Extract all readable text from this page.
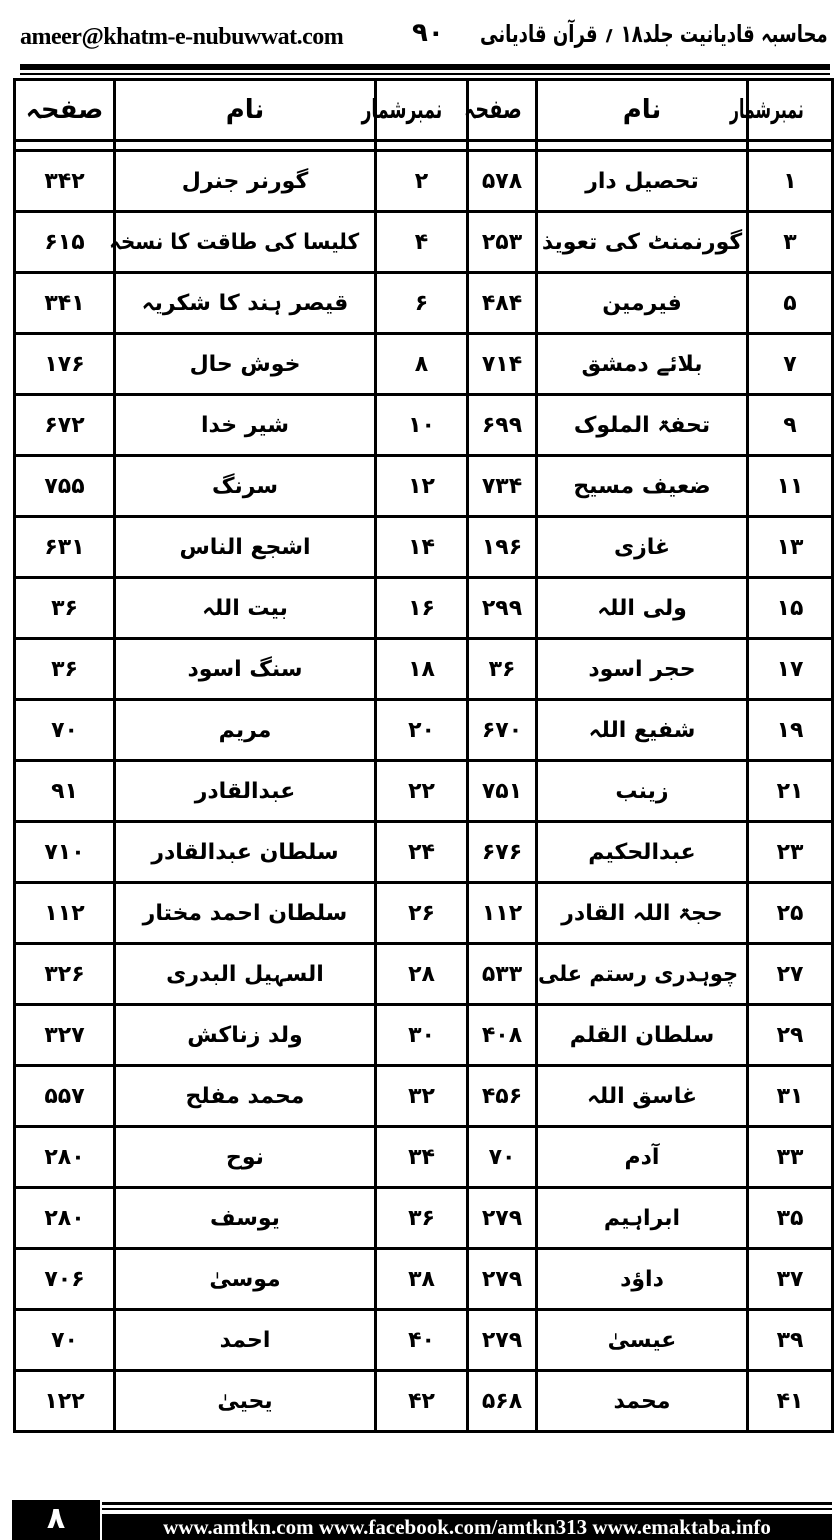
ameer@khatm-e-nubuwwat.com	۹۰	محاسبہ قادیانیت جلد۱۸ ؍ قرآن قادیانی
نمبرشمار	نام	صفحہ	نمبرشمار	نام	صفحہ

۱	تحصیل دار	۵۷۸	۲	گورنر جنرل	۳۴۲
۳	گورنمنٹ کی تعویذ	۲۵۳	۴	کلیسا کی طاقت کا نسخہ	۶۱۵
۵	فیرمین	۴۸۴	۶	قیصر ہند کا شکریہ	۳۴۱
۷	بلائے دمشق	۷۱۴	۸	خوش حال	۱۷۶
۹	تحفۃ الملوک	۶۹۹	۱۰	شیر خدا	۶۷۲
۱۱	ضعیف مسیح	۷۳۴	۱۲	سرنگ	۷۵۵
۱۳	غازی	۱۹۶	۱۴	اشجع الناس	۶۳۱
۱۵	ولی اللہ	۲۹۹	۱۶	بیت اللہ	۳۶
۱۷	حجر اسود	۳۶	۱۸	سنگ اسود	۳۶
۱۹	شفیع اللہ	۶۷۰	۲۰	مریم	۷۰
۲۱	زینب	۷۵۱	۲۲	عبدالقادر	۹۱
۲۳	عبدالحکیم	۶۷۶	۲۴	سلطان عبدالقادر	۷۱۰
۲۵	حجۃ اللہ القادر	۱۱۲	۲۶	سلطان احمد مختار	۱۱۲
۲۷	چوہدری رستم علی	۵۳۳	۲۸	السہیل البدری	۳۲۶
۲۹	سلطان القلم	۴۰۸	۳۰	ولد زناکش	۳۲۷
۳۱	غاسق اللہ	۴۵۶	۳۲	محمد مفلح	۵۵۷
۳۳	آدم	۷۰	۳۴	نوح	۲۸۰
۳۵	ابراہیم	۲۷۹	۳۶	یوسف	۲۸۰
۳۷	داؤد	۲۷۹	۳۸	موسیٰ	۷۰۶
۳۹	عیسیٰ	۲۷۹	۴۰	احمد	۷۰
۴۱	محمد	۵۶۸	۴۲	یحییٰ	۱۲۲
۸	www.amtkn.com www.facebook.com/amtkn313 www.emaktaba.info
